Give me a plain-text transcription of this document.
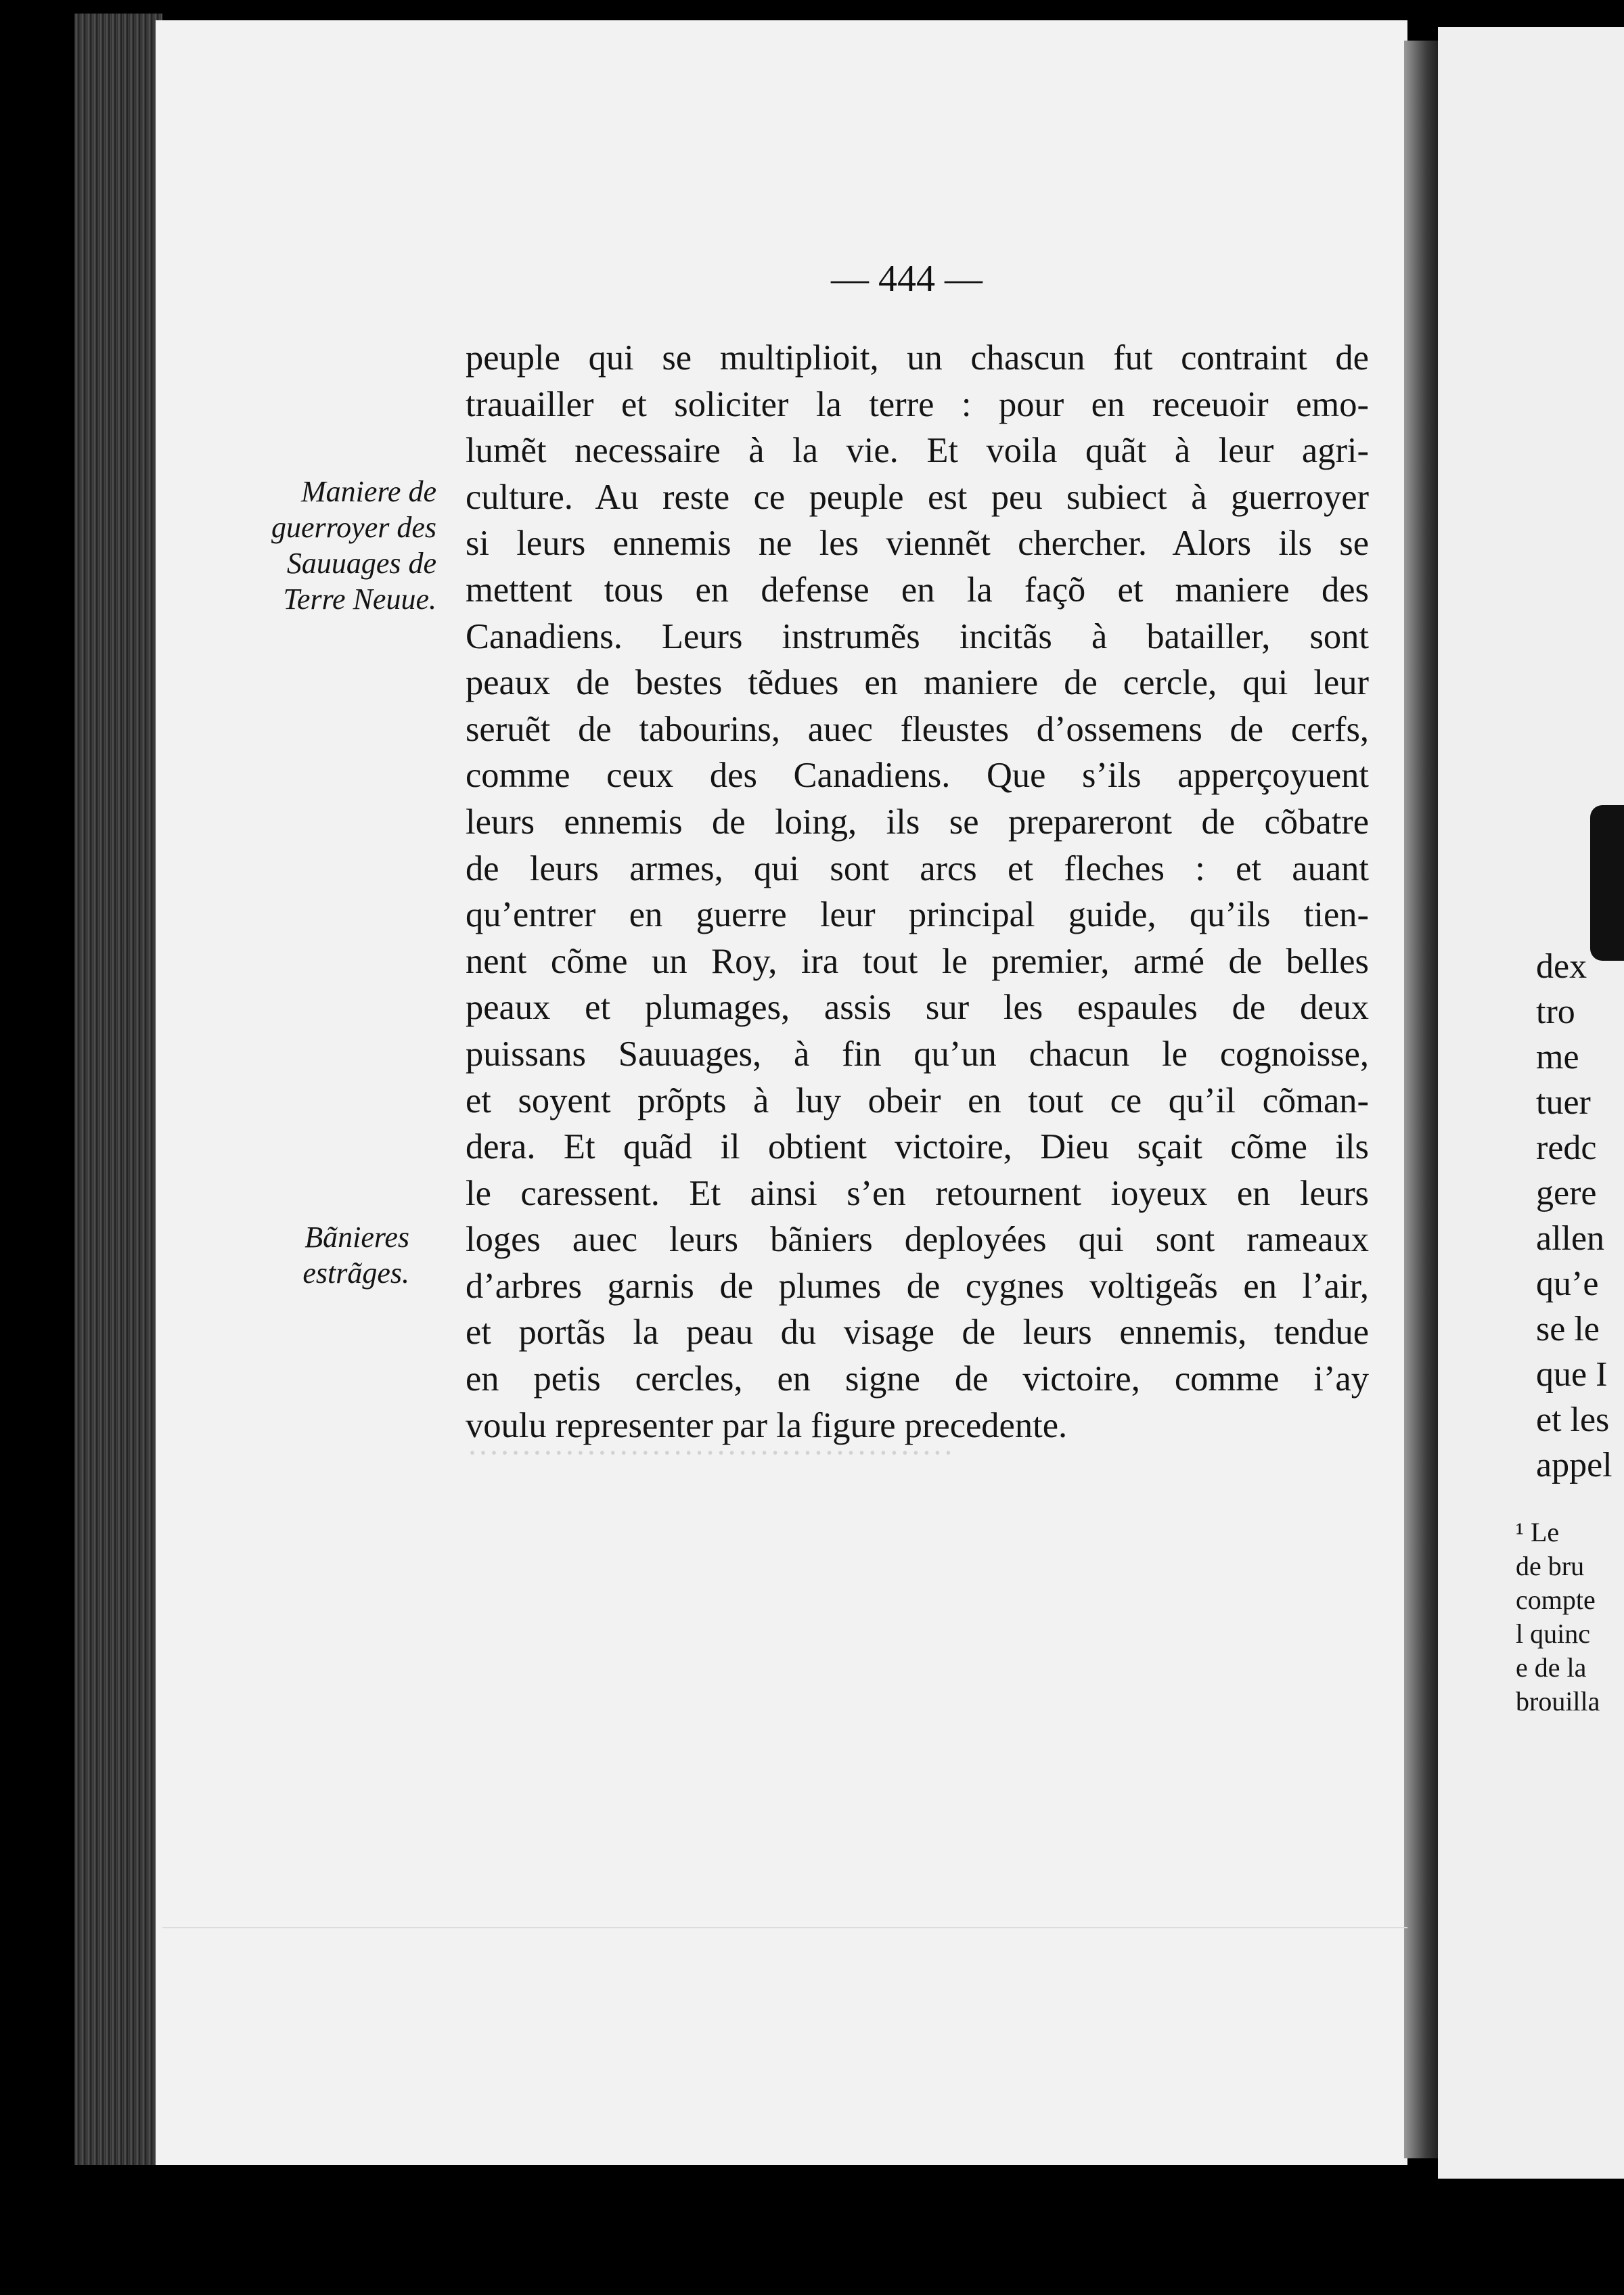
·············································
— 444 —
Maniere de
guerroyer des
Sauuages de
Terre Neuue.
Bãnieres
estrãges.
peuple qui se multiplioit, un chascun fut contraint de
trauailler et soliciter la terre : pour en receuoir emo-
lumẽt necessaire à la vie. Et voila quãt à leur agri-
culture. Au reste ce peuple est peu subiect à guerroyer
si leurs ennemis ne les viennẽt chercher. Alors ils se
mettent tous en defense en la façõ et maniere des
Canadiens. Leurs instrumẽs incitãs à batailler, sont
peaux de bestes tẽdues en maniere de cercle, qui leur
seruẽt de tabourins, auec fleustes d’ossemens de cerfs,
comme ceux des Canadiens. Que s’ils apperçoyuent
leurs ennemis de loing, ils se prepareront de cõbatre
de leurs armes, qui sont arcs et fleches : et auant
qu’entrer en guerre leur principal guide, qu’ils tien-
nent cõme un Roy, ira tout le premier, armé de belles
peaux et plumages, assis sur les espaules de deux
puissans Sauuages, à fin qu’un chacun le cognoisse,
et soyent prõpts à luy obeir en tout ce qu’il cõman-
dera. Et quãd il obtient victoire, Dieu sçait cõme ils
le caressent. Et ainsi s’en retournent ioyeux en leurs
loges auec leurs bãniers deployées qui sont rameaux
d’arbres garnis de plumes de cygnes voltigeãs en l’air,
et portãs la peau du visage de leurs ennemis, tendue
en petis cercles, en signe de victoire, comme i’ay
voulu representer par la figure precedente.
dex
tro
me
tuer
redc
gere
allen
qu’e
se le
que I
et les
appel
¹ Le
de bru
compte
l quinc
e de la
brouilla
